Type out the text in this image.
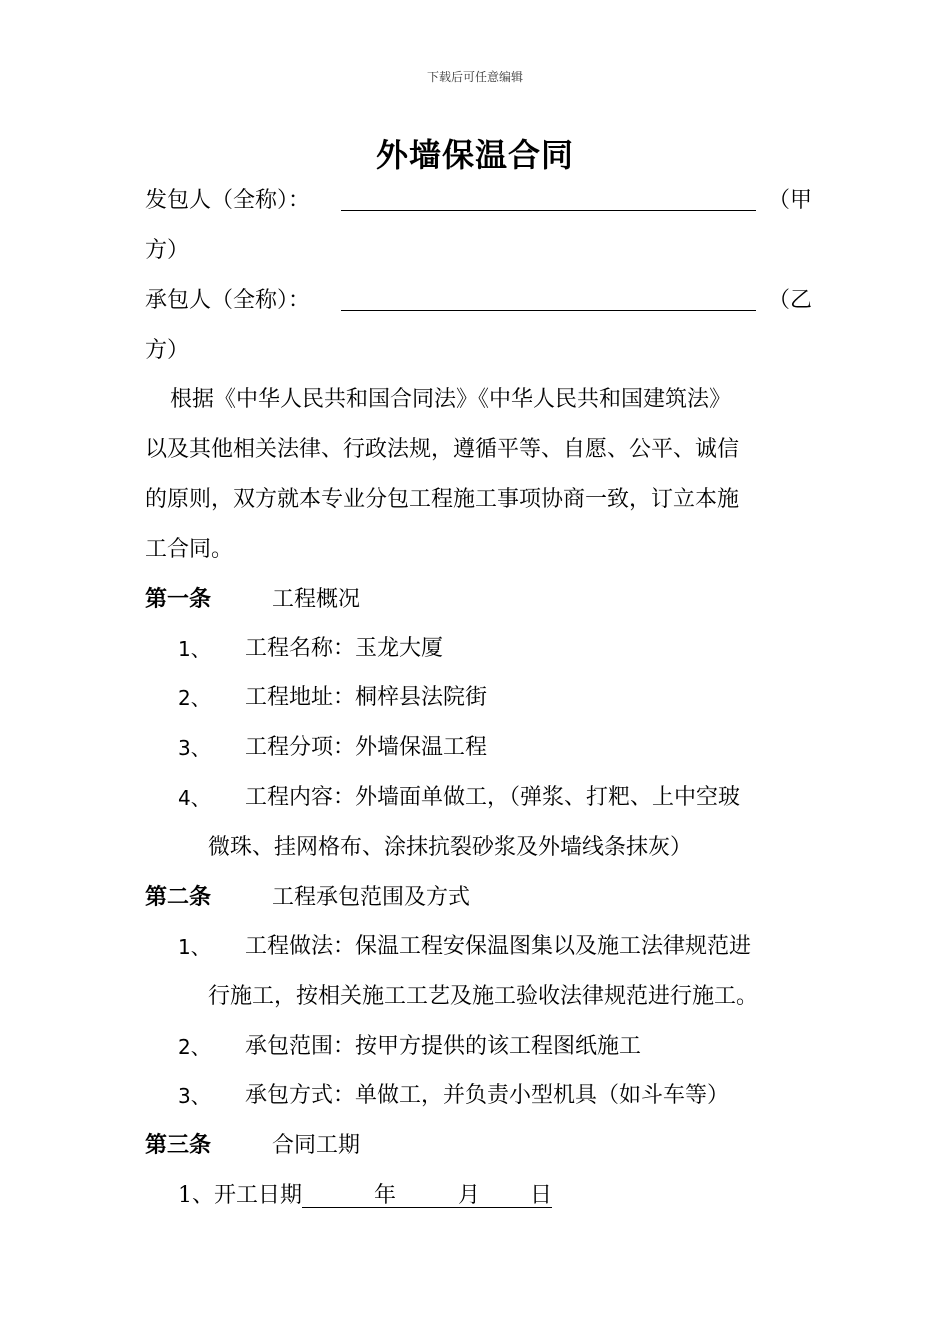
下载后可任意编辑
外墙保温合同
发包人（全称）：	（甲
方）
承包人（全称）：	（乙
方）
根据《中华人民共和国合同法》《中华人民共和国建筑法》
以及其他相关法律、行政法规，遵循平等、自愿、公平、诚信
的原则，双方就本专业分包工程施工事项协商一致，订立本施
工合同。
第一条	工程概况
1、 工程名称：玉龙大厦
2、 工程地址：桐梓县法院街
3、 工程分项：外墙保温工程
4、 工程内容：外墙面单做工，（弹浆、打粑、上中空玻
微珠、挂网格布、涂抹抗裂砂浆及外墙线条抹灰）
第二条	工程承包范围及方式
1、 工程做法：保温工程安保温图集以及施工法律规范进
行施工，按相关施工工艺及施工验收法律规范进行施工。
2、 承包范围：按甲方提供的该工程图纸施工
3、 承包方式：单做工，并负责小型机具（如斗车等）
第三条	合同工期
1、开工日期	年	月 日
